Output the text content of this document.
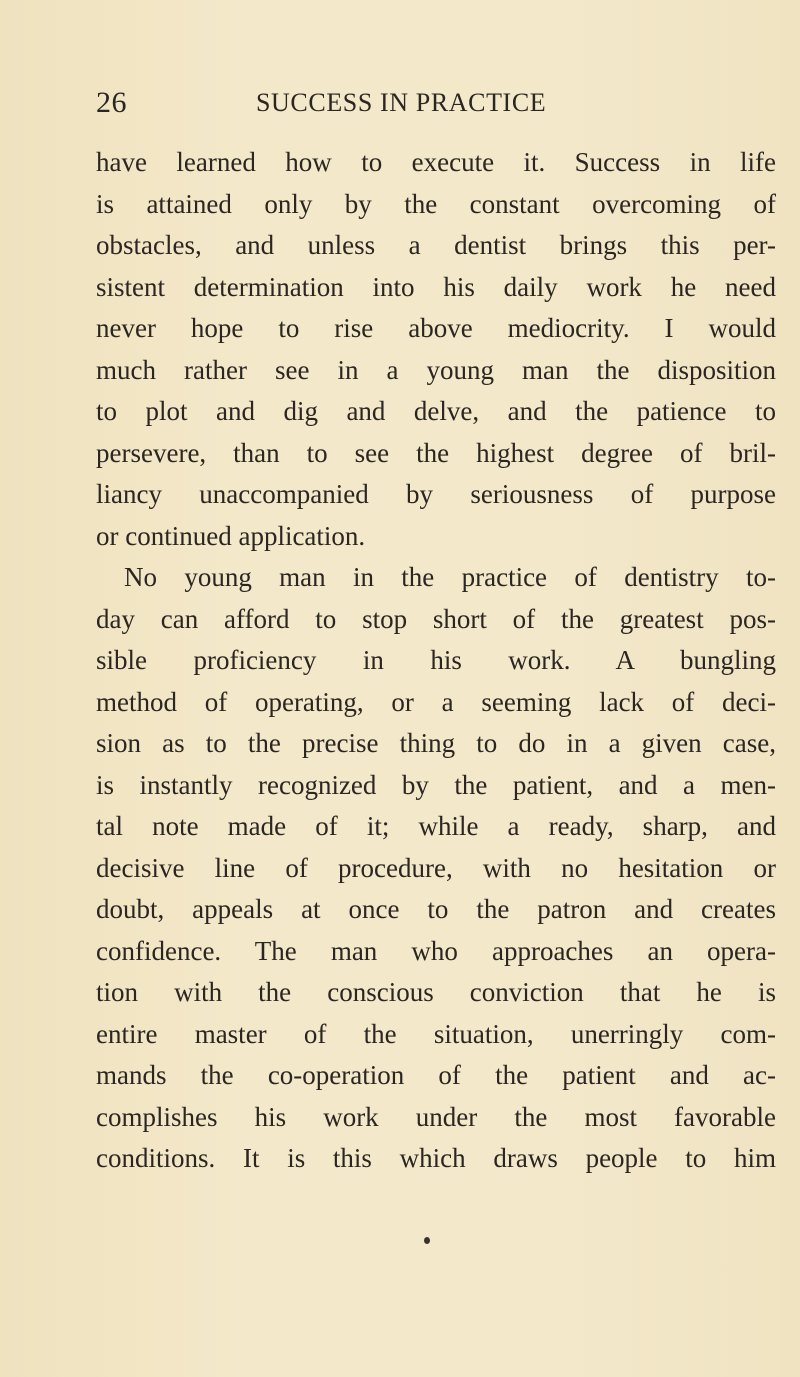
26	SUCCESS IN PRACTICE
have learned how to execute it. Success in life
is attained only by the constant overcoming of
obstacles, and unless a dentist brings this per-
sistent determination into his daily work he need
never hope to rise above mediocrity. I would
much rather see in a young man the disposition
to plot and dig and delve, and the patience to
persevere, than to see the highest degree of bril-
liancy unaccompanied by seriousness of purpose
or continued application.
No young man in the practice of dentistry to-
day can afford to stop short of the greatest pos-
sible proficiency in his work. A bungling
method of operating, or a seeming lack of deci-
sion as to the precise thing to do in a given case,
is instantly recognized by the patient, and a men-
tal note made of it; while a ready, sharp, and
decisive line of procedure, with no hesitation or
doubt, appeals at once to the patron and creates
confidence. The man who approaches an opera-
tion with the conscious conviction that he is
entire master of the situation, unerringly com-
mands the co-operation of the patient and ac-
complishes his work under the most favorable
conditions. It is this which draws people to him
